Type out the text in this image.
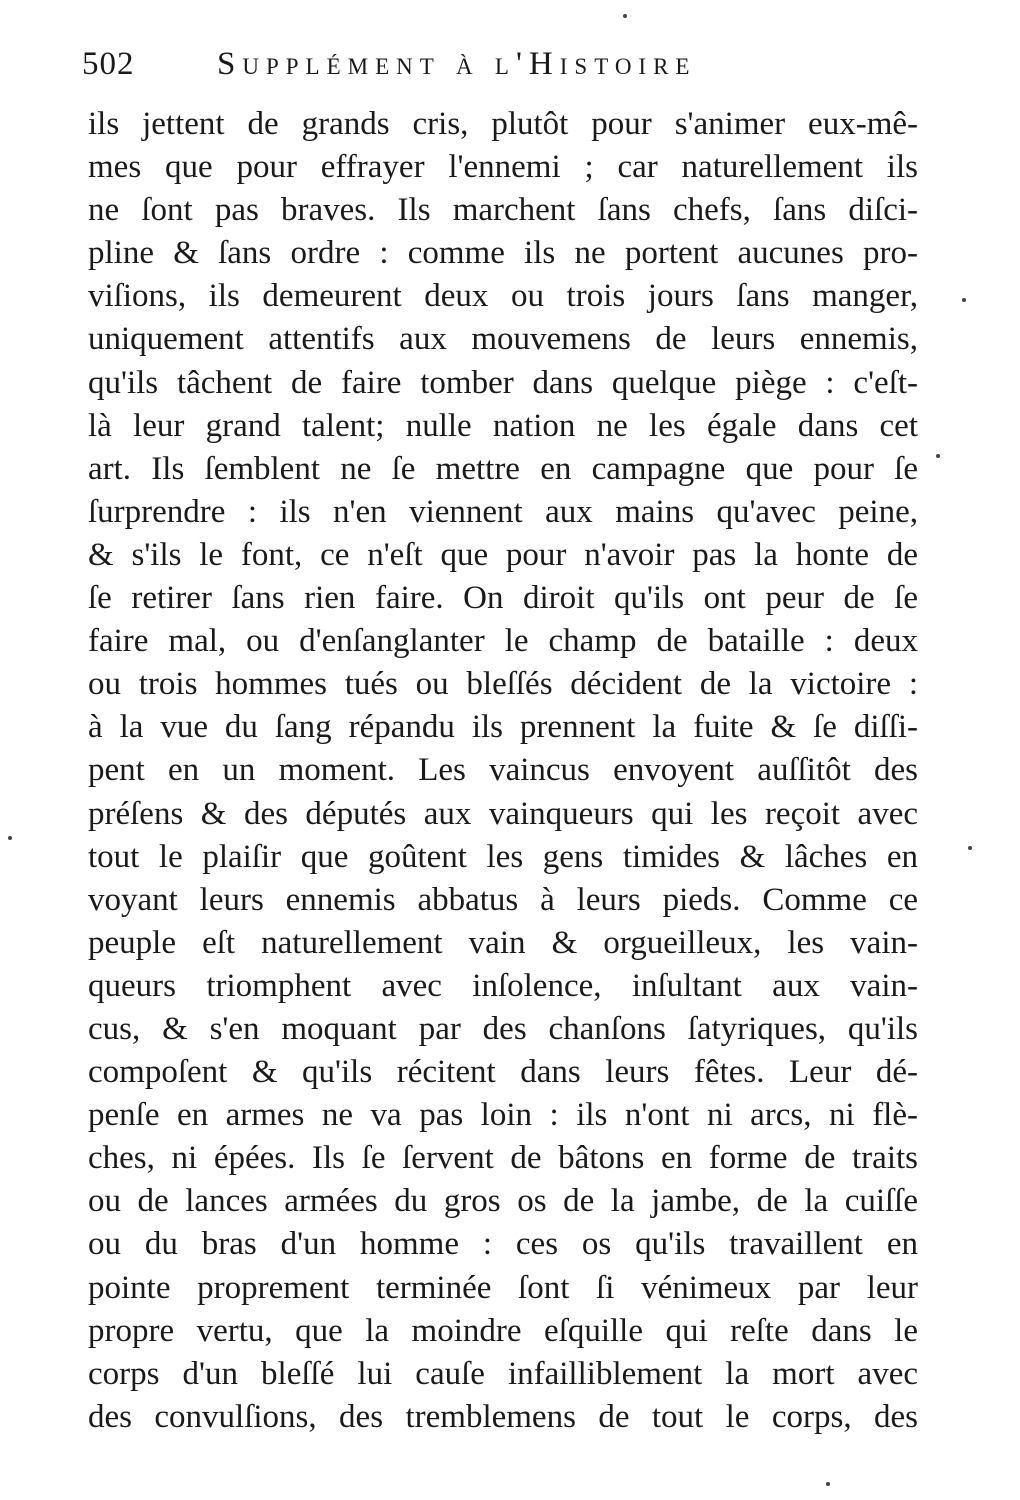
502	Supplément à l'Histoire
ils jettent de grands cris, plutôt pour s'animer eux-mê-
mes que pour effrayer l'ennemi ; car naturellement ils
ne ſont pas braves. Ils marchent ſans chefs, ſans diſci-
pline & ſans ordre : comme ils ne portent aucunes pro-
viſions, ils demeurent deux ou trois jours ſans manger,
uniquement attentifs aux mouvemens de leurs ennemis,
qu'ils tâchent de faire tomber dans quelque piège : c'eſt-
là leur grand talent; nulle nation ne les égale dans cet
art. Ils ſemblent ne ſe mettre en campagne que pour ſe
ſurprendre : ils n'en viennent aux mains qu'avec peine,
& s'ils le font, ce n'eſt que pour n'avoir pas la honte de
ſe retirer ſans rien faire. On diroit qu'ils ont peur de ſe
faire mal, ou d'enſanglanter le champ de bataille : deux
ou trois hommes tués ou bleſſés décident de la victoire :
à la vue du ſang répandu ils prennent la fuite & ſe diſſi-
pent en un moment. Les vaincus envoyent auſſitôt des
préſens & des députés aux vainqueurs qui les reçoit avec
tout le plaiſir que goûtent les gens timides & lâches en
voyant leurs ennemis abbatus à leurs pieds. Comme ce
peuple eſt naturellement vain & orgueilleux, les vain-
queurs triomphent avec inſolence, inſultant aux vain-
cus, & s'en moquant par des chanſons ſatyriques, qu'ils
compoſent & qu'ils récitent dans leurs fêtes. Leur dé-
penſe en armes ne va pas loin : ils n'ont ni arcs, ni flè-
ches, ni épées. Ils ſe ſervent de bâtons en forme de traits
ou de lances armées du gros os de la jambe, de la cuiſſe
ou du bras d'un homme : ces os qu'ils travaillent en
pointe proprement terminée ſont ſi vénimeux par leur
propre vertu, que la moindre eſquille qui reſte dans le
corps d'un bleſſé lui cauſe infailliblement la mort avec
des convulſions, des tremblemens de tout le corps, des
